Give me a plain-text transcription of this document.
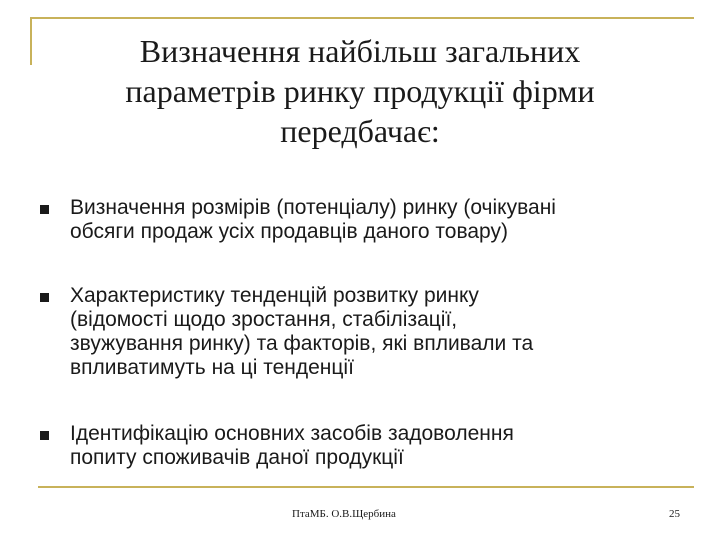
Визначення найбільш загальних
параметрів ринку продукції фірми
передбачає:
Визначення розмірів (потенціалу) ринку (очікувані
обсяги продаж усіх продавців даного товару)
Характеристику тенденцій розвитку ринку
(відомості щодо зростання, стабілізації,
звужування ринку) та факторів, які впливали та
впливатимуть на ці тенденції
Ідентифікацію основних засобів задоволення
попиту споживачів даної продукції
ПтаМБ. О.В.Щербина	25
